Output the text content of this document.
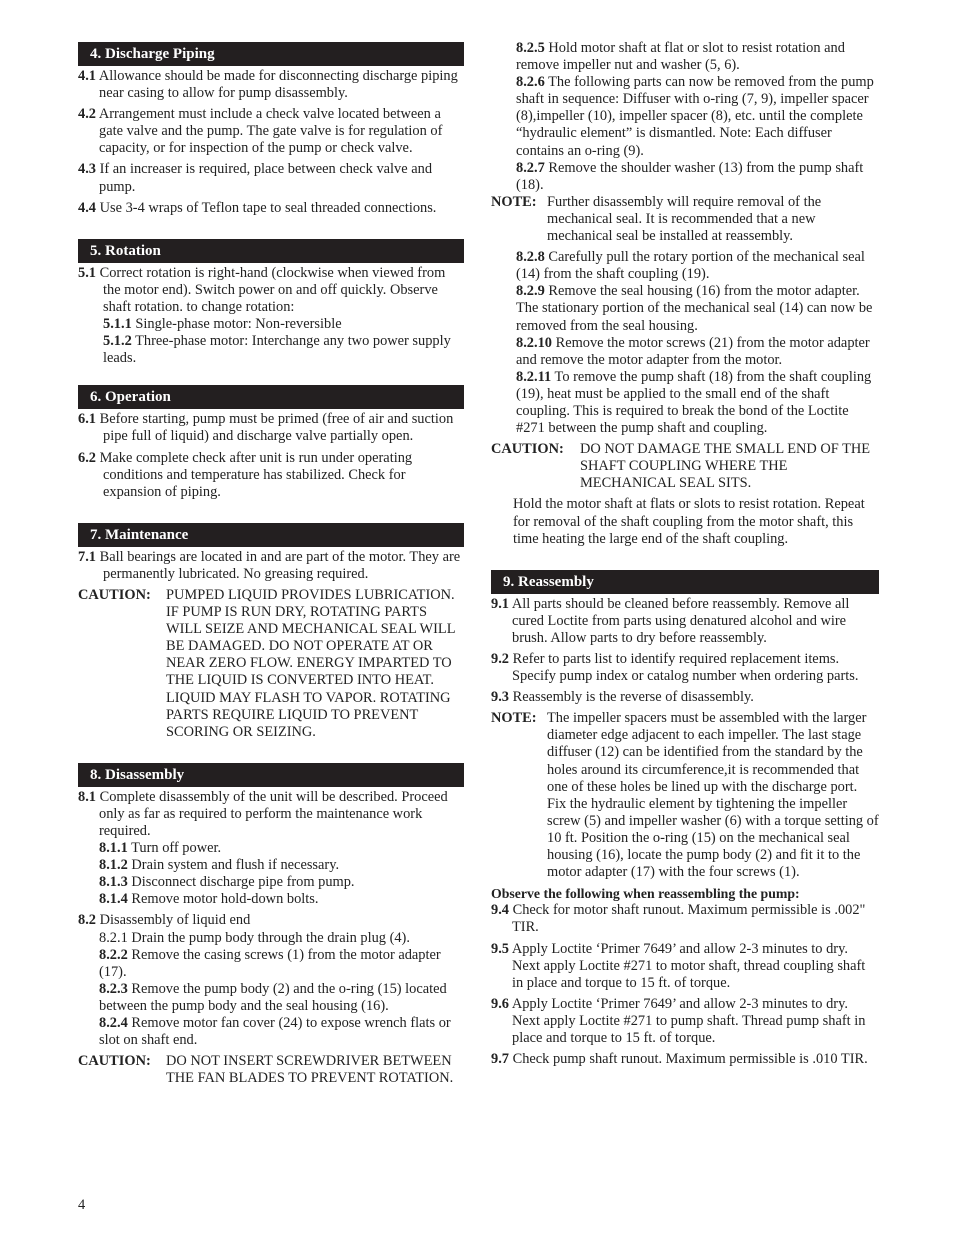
4. Discharge Piping
4.1 Allowance should be made for disconnecting discharge piping near casing to allow for pump disassembly.
4.2 Arrangement must include a check valve located between a gate valve and the pump. The gate valve is for regulation of capacity, or for inspection of the pump or check valve.
4.3 If an increaser is required, place between check valve and pump.
4.4 Use 3-4 wraps of Teflon tape to seal threaded connections.
5. Rotation
5.1 Correct rotation is right-hand (clockwise when viewed from the motor end). Switch power on and off quickly. Observe shaft rotation. to change rotation:
5.1.1 Single-phase motor: Non-reversible
5.1.2 Three-phase motor: Interchange any two power supply leads.
6. Operation
6.1 Before starting, pump must be primed (free of air and suction pipe full of liquid) and discharge valve partially open.
6.2 Make complete check after unit is run under operating conditions and temperature has stabilized. Check for expansion of piping.
7. Maintenance
7.1 Ball bearings are located in and are part of the motor. They are permanently lubricated. No greasing required.
CAUTION:	PUMPED LIQUID PROVIDES LUBRICATION. IF PUMP IS RUN DRY, ROTATING PARTS WILL SEIZE AND MECHANICAL SEAL WILL BE DAMAGED. DO NOT OPERATE AT OR NEAR ZERO FLOW. ENERGY IMPARTED TO THE LIQUID IS CONVERTED INTO HEAT. LIQUID MAY FLASH TO VAPOR. ROTATING PARTS REQUIRE LIQUID TO PREVENT SCORING OR SEIZING.
8. Disassembly
8.1 Complete disassembly of the unit will be described. Proceed only as far as required to perform the maintenance work required.
8.1.1 Turn off power.
8.1.2 Drain system and flush if necessary.
8.1.3 Disconnect discharge pipe from pump.
8.1.4 Remove motor hold-down bolts.
8.2 Disassembly of liquid end
8.2.1 Drain the pump body through the drain plug (4).
8.2.2 Remove the casing screws (1) from the motor adapter (17).
8.2.3 Remove the pump body (2) and the o-ring (15) located between the pump body and the seal housing (16).
8.2.4 Remove motor fan cover (24) to expose wrench flats or slot on shaft end.
CAUTION:	DO NOT INSERT SCREWDRIVER BETWEEN THE FAN BLADES TO PREVENT ROTATION.
4
8.2.5 Hold motor shaft at flat or slot to resist rotation and remove impeller nut and washer (5, 6).
8.2.6 The following parts can now be removed from the pump shaft in sequence: Diffuser with o-ring (7, 9), impeller spacer (8),impeller (10), impeller spacer (8), etc. until the complete “hydraulic element” is dismantled. Note: Each diffuser contains an o-ring (9).
8.2.7 Remove the shoulder washer (13) from the pump shaft (18).
NOTE: Further disassembly will require removal of the mechanical seal. It is recommended that a new mechanical seal be installed at reassembly.
8.2.8 Carefully pull the rotary portion of the mechanical seal (14) from the shaft coupling (19).
8.2.9 Remove the seal housing (16) from the motor adapter. The stationary portion of the mechanical seal (14) can now be removed from the seal housing.
8.2.10 Remove the motor screws (21) from the motor adapter and remove the motor adapter from the motor.
8.2.11 To remove the pump shaft (18) from the shaft coupling (19), heat must be applied to the small end of the shaft coupling. This is required to break the bond of the Loctite #271 between the pump shaft and coupling.
CAUTION:	DO NOT DAMAGE THE SMALL END OF THE SHAFT COUPLING WHERE THE MECHANICAL SEAL SITS.
Hold the motor shaft at flats or slots to resist rotation. Repeat for removal of the shaft coupling from the motor shaft, this time heating the large end of the shaft coupling.
9. Reassembly
9.1 All parts should be cleaned before reassembly. Remove all cured Loctite from parts using denatured alcohol and wire brush. Allow parts to dry before reassembly.
9.2 Refer to parts list to identify required replacement items. Specify pump index or catalog number when ordering parts.
9.3 Reassembly is the reverse of disassembly.
NOTE: The impeller spacers must be assembled with the larger diameter edge adjacent to each impeller. The last stage diffuser (12) can be identified from the standard by the holes around its circumference,it is recommended that one of these holes be lined up with the discharge port. Fix the hydraulic element by tightening the impeller screw (5) and impeller washer (6) with a torque setting of 10 ft. Position the o-ring (15) on the mechanical seal housing (16), locate the pump body (2) and fit it to the motor adapter (17) with the four screws (1).
Observe the following when reassembling the pump:
9.4 Check for motor shaft runout. Maximum permissible is .002" TIR.
9.5 Apply Loctite ‘Primer 7649’ and allow 2-3 minutes to dry. Next apply Loctite #271 to motor shaft, thread coupling shaft in place and torque to 15 ft. of torque.
9.6 Apply Loctite ‘Primer 7649’ and allow 2-3 minutes to dry. Next apply Loctite #271 to pump shaft. Thread pump shaft in place and torque to 15 ft. of torque.
9.7 Check pump shaft runout. Maximum permissible is .010 TIR.
